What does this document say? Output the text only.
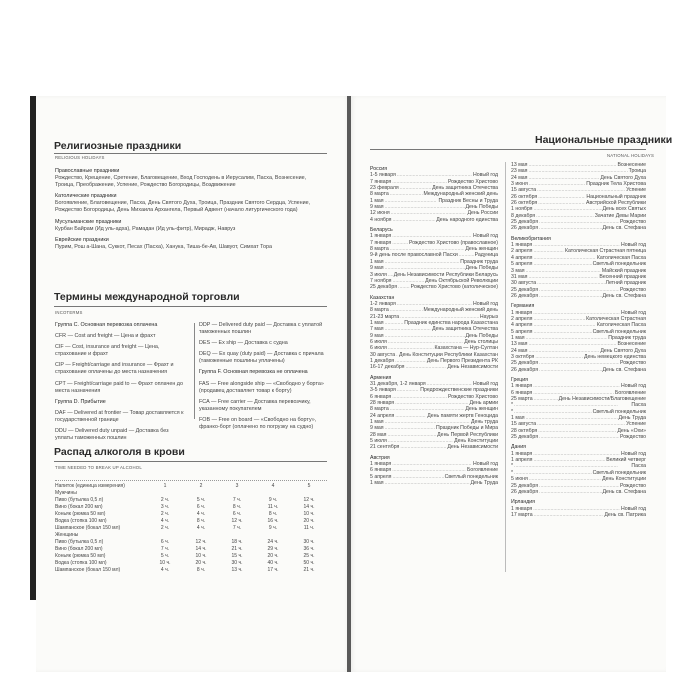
Религиозные праздники
RELIGIOUS HOLIDAYS

Православные праздники
Рождество, Крещение, Сретение, Благовещение, Вход Господень в Иерусалим, Пасха, Вознесение, Троица, Преображение, Успение, Рождество Богородицы, Воздвижение

Католические праздники
Богоявление, Благовещение, Пасха, День Святого Духа, Троица, Праздник Святого Сердца, Успение, Рождество Богородицы, День Михаила Архангела, Первый Адвент (начало литургического года)

Мусульманские праздники
Курбан Байрам (Ид уль-адха), Рамадан (Ид уль-фитр), Мирадж, Навруз

Еврейские праздники
Пурим, Рош а-Шана, Суккот, Песах (Пасха), Ханука, Тиша-бе-Ав, Шавуот, Симхат Тора

Термины международной торговли
INCOTERMS

Группа C. Основная перевозка оплачена

CFR — Cost and freight — Цена и фрахт

CIF — Cost, insurance and freight — Цена, страхование и фрахт

CIP — Freight/carriage and insurance — Фрахт и страхование оплачены до места назначения

CPT — Freight/carriage paid to — Фрахт оплачен до места назначения

Группа D. Прибытие

DAF — Delivered at frontier — Товар доставляется к государственной границе

DDU — Delivered duty unpaid — Доставка без уплаты таможенных пошлин

DDP — Delivered duty paid — Доставка с уплатой таможенных пошлин

DES — Ex ship — Доставка с судна

DEQ — Ex quay (duty paid) — Доставка с причала (таможенные пошлины уплачены)

Группа F. Основная перевозка не оплачена

FAS — Free alongside ship — «Свободно у борта» (продавец доставляет товар к борту)

FCA — Free carrier — Доставка перевозчику, указанному покупателем

FOB — Free on board — «Свободно на борту», франко-борт (оплачено по погрузку на судно)

Распад алкоголя в крови
TIME NEEDED TO BREAK UP ALCOHOL
Напиток (единица измерения)	1	2	3	4	5
Мужчины					
Пиво (бутылка 0,5 л)	2 ч.	5 ч.	7 ч.	9 ч.	12 ч.
Вино (бокал 200 мл)	3 ч.	6 ч.	8 ч.	11 ч.	14 ч.
Коньяк (рюмка 50 мл)	2 ч.	4 ч.	6 ч.	8 ч.	10 ч.
Водка (стопка 100 мл)	4 ч.	8 ч.	12 ч.	16 ч.	20 ч.
Шампанское (бокал 150 мл)	2 ч.	4 ч.	7 ч.	9 ч.	11 ч.
Женщины					
Пиво (бутылка 0,5 л)	6 ч.	12 ч.	18 ч.	24 ч.	30 ч.
Вино (бокал 200 мл)	7 ч.	14 ч.	21 ч.	29 ч.	36 ч.
Коньяк (рюмка 50 мл)	5 ч.	10 ч.	15 ч.	20 ч.	25 ч.
Водка (стопка 100 мл)	10 ч.	20 ч.	30 ч.	40 ч.	50 ч.
Шампанское (бокал 150 мл)	4 ч.	8 ч.	13 ч.	17 ч.	21 ч.
Национальные праздники
NATIONAL HOLIDAYS
Россия
1-5 января .....	Новый год
7 января .....	Рождество Христово
23 февраля .....	День защитника Отечества
8 марта .....	Международный женский день
1 мая .....	Праздник Весны и Труда
9 мая .....	День Победы
12 июня .....	День России
4 ноября .....	День народного единства
Беларусь
1 января .....	Новый год
7 января .....	Рождество Христово (православное)
8 марта .....	День женщин
9-й день после православной Пасхи .....	Радуница
1 мая .....	Праздник труда
9 мая .....	День Победы
3 июля ..... День Независимости Республики Беларусь
7 ноября .....	День Октябрьской Революции
25 декабря .....	Рождество Христово (католическое)
Казахстан
1-2 января .....	Новый год
8 марта .....	Международный женский день
21-23 марта .....	Наурыз
1 мая .....	Праздник единства народа Казахстана
7 мая .....	День защитника Отечества
9 мая .....	День Победы
6 июля .....	День столицы
6 июля .....	Казахстана — Нур-Султан
30 августа ..... День Конституции Республики Казахстан
1 декабря .....	День Первого Президента РК
16-17 декабря .....	День Независимости
Армения
31 декабря, 1-2 января .....	Новый год
3-5 января .....	Предрождественские праздники
6 января .....	Рождество Христово
28 января .....	День армии
8 марта .....	День женщин
24 апреля .....	День памяти жертв Геноцида
1 мая .....	День труда
9 мая .....	Праздник Победы и Мира
28 мая .....	День Первой Республики
5 июля .....	День Конституции
21 сентября .....	День Независимости
Австрия
1 января .....	Новый год
6 января .....	Богоявление
5 апреля .....	Светлый понедельник
1 мая .....	День Труда
13 мая .....	Вознесение
23 мая .....	Троица
24 мая .....	День Святого Духа
3 июня .....	Праздник Тела Христова
15 августа .....	Успение
26 октября .....	Национальный праздник
26 октября .....	Австрийской Республики
1 ноября .....	День всех Святых
8 декабря .....	Зачатие Девы Марии
25 декабря .....	Рождество
26 декабря .....	День св. Стефана
Великобритания
1 января .....	Новый год
2 апреля .....	Католическая Страстная пятница
4 апреля .....	Католическая Пасха
5 апреля .....	Светлый понедельник
3 мая .....	Майский праздник
31 мая .....	Весенний праздник
30 августа .....	Летний праздник
25 декабря .....	Рождество
26 декабря .....	День св. Стефана
Германия
1 января .....	Новый год
2 апреля .....	Католическая Страстная
4 апреля .....	Католическая Пасха
5 апреля .....	Светлый понедельник
1 мая .....	Праздник труда
13 мая .....	Вознесение
24 мая .....	День Святого Духа
3 октября .....	День немецкого единства
25 декабря .....	Рождество
26 декабря .....	День св. Стефана
Греция
1 января .....	Новый год
6 января .....	Богоявление
25 марта .....	День Независимости/Благовещение
* .....	Пасха
* .....	Светлый понедельник
1 мая .....	День Труда
15 августа .....	Успение
28 октября .....	День «Охи»
25 декабря .....	Рождество
Дания
1 января .....	Новый год
1 апреля .....	Великий четверг
* .....	Пасха
* .....	Светлый понедельник
5 июня .....	День Конституции
25 декабря .....	Рождество
26 декабря .....	День св. Стефана
Ирландия
1 января .....	Новый год
17 марта .....	День св. Патрика
